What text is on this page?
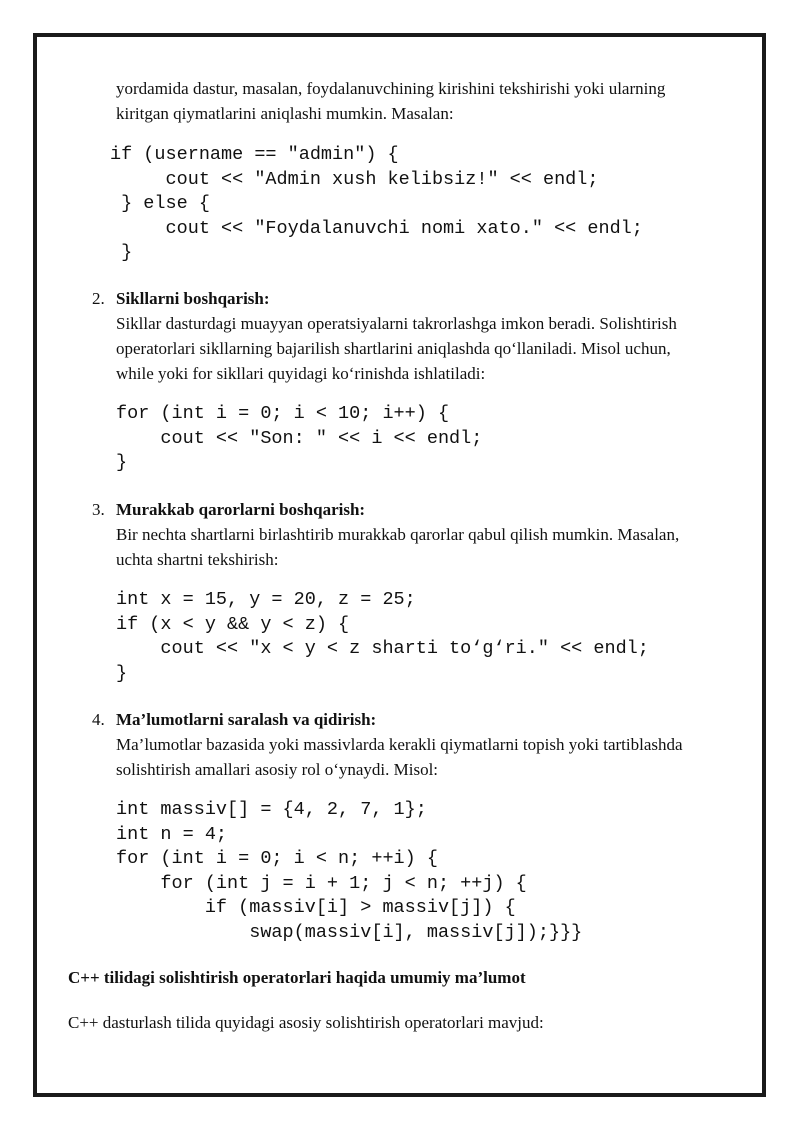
yordamida dastur, masalan, foydalanuvchining kirishini tekshirishi yoki ularning

kiritgan qiymatlarini aniqlashi mumkin. Masalan:

if (username == "admin") {

cout << "Admin xush kelibsiz!" << endl;

} else {

cout << "Foydalanuvchi nomi xato." << endl;

}

2. Sikllarni boshqarish:

Sikllar dasturdagi muayyan operatsiyalarni takrorlashga imkon beradi. Solishtirish

operatorlari sikllarning bajarilish shartlarini aniqlashda qo‘llaniladi. Misol uchun,

while yoki for sikllari quyidagi ko‘rinishda ishlatiladi:

for (int i = 0; i < 10; i++) {

cout << "Son: " << i << endl;

}

3. Murakkab qarorlarni boshqarish:

Bir nechta shartlarni birlashtirib murakkab qarorlar qabul qilish mumkin. Masalan,

uchta shartni tekshirish:

int x = 15, y = 20, z = 25;

if (x < y && y < z) {

cout << "x < y < z sharti to‘g‘ri." << endl;

}

4. Ma’lumotlarni saralash va qidirish:

Ma’lumotlar bazasida yoki massivlarda kerakli qiymatlarni topish yoki tartiblashda

solishtirish amallari asosiy rol o‘ynaydi. Misol:

int massiv[] = {4, 2, 7, 1};

int n = 4;

for (int i = 0; i < n; ++i) {

for (int j = i + 1; j < n; ++j) {

if (massiv[i] > massiv[j]) {

swap(massiv[i], massiv[j]);}}}

C++ tilidagi solishtirish operatorlari haqida umumiy ma’lumot

C++ dasturlash tilida quyidagi asosiy solishtirish operatorlari mavjud:
